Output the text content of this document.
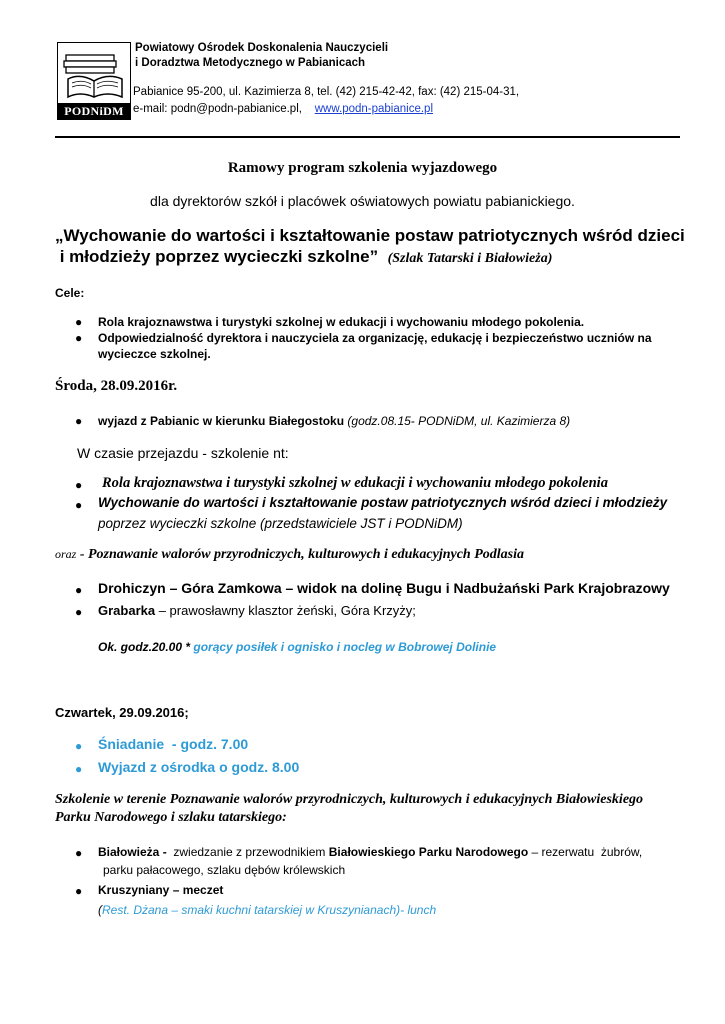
PODNiDM
Powiatowy Ośrodek Doskonalenia Nauczycieli
i Doradztwa Metodycznego w Pabianicach
Pabianice 95-200, ul. Kazimierza 8, tel. (42) 215-42-42, fax: (42) 215-04-31,
e-mail: podn@podn-pabianice.pl, www.podn-pabianice.pl
Ramowy program szkolenia wyjazdowego
dla dyrektorów szkół i placówek oświatowych powiatu pabianickiego.
„Wychowanie do wartości i kształtowanie postaw patriotycznych wśród dzieci
i młodzieży poprzez wycieczki szkolne” (Szlak Tatarski i Białowieża)
Cele:
● Rola krajoznawstwa i turystyki szkolnej w edukacji i wychowaniu młodego pokolenia.
● Odpowiedzialność dyrektora i nauczyciela za organizację, edukację i bezpieczeństwo uczniów na
wycieczce szkolnej.
Środa, 28.09.2016r.
● wyjazd z Pabianic w kierunku Białegostoku (godz.08.15- PODNiDM, ul. Kazimierza 8)
W czasie przejazdu - szkolenie nt:
● Rola krajoznawstwa i turystyki szkolnej w edukacji i wychowaniu młodego pokolenia
● Wychowanie do wartości i kształtowanie postaw patriotycznych wśród dzieci i młodzieży
poprzez wycieczki szkolne (przedstawiciele JST i PODNiDM)
oraz - Poznawanie walorów przyrodniczych, kulturowych i edukacyjnych Podlasia
● Drohiczyn – Góra Zamkowa – widok na dolinę Bugu i Nadbużański Park Krajobrazowy
● Grabarka – prawosławny klasztor żeński, Góra Krzyży;
Ok. godz.20.00 * gorący posiłek i ognisko i nocleg w Bobrowej Dolinie
Czwartek, 29.09.2016;
● Śniadanie  - godz. 7.00
● Wyjazd z ośrodka o godz. 8.00
Szkolenie w terenie Poznawanie walorów przyrodniczych, kulturowych i edukacyjnych Białowieskiego
Parku Narodowego i szlaku tatarskiego:
● Białowieża -  zwiedzanie z przewodnikiem Białowieskiego Parku Narodowego – rezerwatu  żubrów,
parku pałacowego, szlaku dębów królewskich
● Kruszyniany – meczet
(Rest. Dżana – smaki kuchni tatarskiej w Kruszynianach)- lunch
